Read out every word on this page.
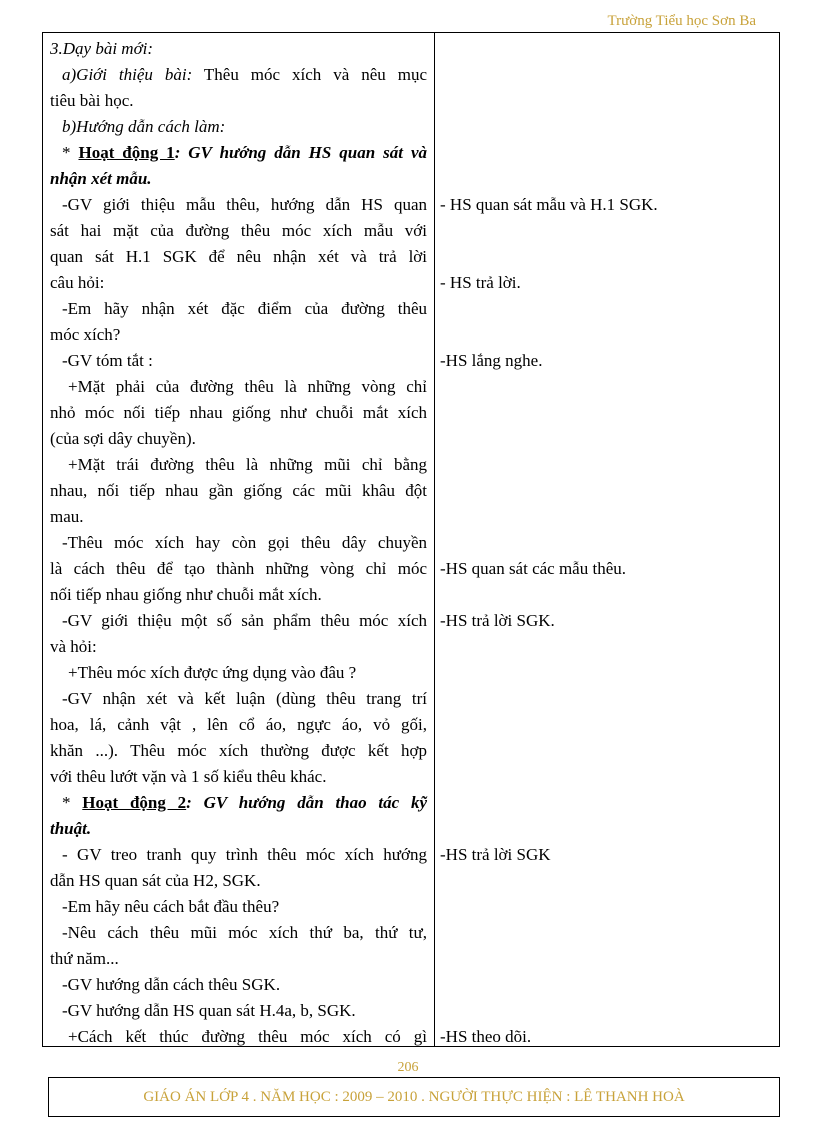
Trường Tiểu học Sơn Ba
3.Dạy bài mới:
a)Giới thiệu bài: Thêu móc xích và nêu mục
tiêu bài học.
b)Hướng dẫn cách làm:
* Hoạt động 1: GV hướng dẫn HS quan sát và
nhận xét mẫu.
-GV giới thiệu mẫu thêu, hướng dẫn HS quan
sát hai mặt của đường thêu móc xích mẫu với
quan sát H.1 SGK để nêu nhận xét và trả lời
câu hỏi:
-Em hãy nhận xét đặc điểm của đường thêu
móc xích?
-GV tóm tắt :
+Mặt phải của đường thêu là những vòng chỉ
nhỏ móc nối tiếp nhau giống như chuỗi mắt xích
(của sợi dây chuyền).
+Mặt trái đường thêu là những mũi chỉ bằng
nhau, nối tiếp nhau gần giống các mũi khâu đột
mau.
-Thêu móc xích hay còn gọi thêu dây chuyền
là cách thêu để tạo thành những vòng chỉ móc
nối tiếp nhau giống như chuỗi mắt xích.
-GV giới thiệu một số sản phẩm thêu móc xích
và hỏi:
+Thêu móc xích được ứng dụng vào đâu ?
-GV nhận xét và kết luận (dùng thêu trang trí
hoa, lá, cảnh vật , lên cổ áo, ngực áo, vỏ gối,
khăn ...). Thêu móc xích thường được kết hợp
với thêu lướt vặn và 1 số kiểu thêu khác.
* Hoạt động 2: GV hướng dẫn thao tác kỹ
thuật.
- GV treo tranh quy trình thêu móc xích hướng
dẫn HS quan sát của H2, SGK.
-Em hãy nêu cách bắt đầu thêu?
-Nêu cách thêu mũi móc xích thứ ba, thứ tư,
thứ năm...
-GV hướng dẫn cách thêu SGK.
-GV hướng dẫn HS quan sát H.4a, b, SGK.
+Cách kết thúc đường thêu móc xích có gì
- HS quan sát mẫu và H.1 SGK.
- HS trả lời.
-HS lắng nghe.
-HS quan sát các mẫu thêu.
-HS trả lời SGK.
-HS trả lời SGK
-HS theo dõi.
206
GIÁO ÁN LỚP 4 . NĂM HỌC : 2009 – 2010 . NGƯỜI THỰC HIỆN : LÊ THANH HOÀ
